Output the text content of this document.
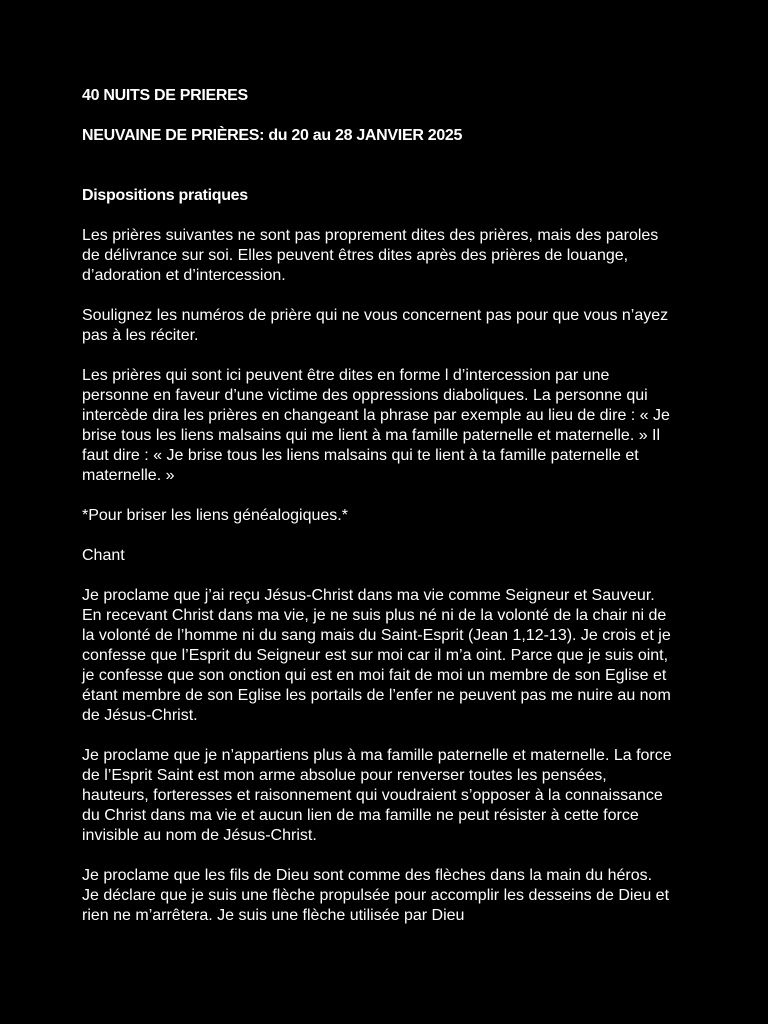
40 NUITS DE PRIERES

NEUVAINE DE PRIÈRES: du 20 au 28 JANVIER 2025

Dispositions pratiques

Les prières suivantes ne sont pas proprement dites des prières, mais des paroles de délivrance sur soi. Elles peuvent êtres dites après des prières de louange, d’adoration et d’intercession.

Soulignez les numéros de prière qui ne vous concernent pas pour que vous n’ayez pas à les réciter.

Les prières qui sont ici peuvent être dites en forme l d’intercession par une personne en faveur d’une victime des oppressions diaboliques. La personne qui intercède dira les prières en changeant la phrase par exemple au lieu de dire : « Je brise tous les liens malsains qui me lient à ma famille paternelle et maternelle. » Il faut dire : « Je brise tous les liens malsains qui te lient à ta famille paternelle et maternelle. »

*Pour briser les liens généalogiques.*

Chant

Je proclame que j’ai reçu Jésus-Christ dans ma vie comme Seigneur et Sauveur. En recevant Christ dans ma vie, je ne suis plus né ni de la volonté de la chair ni de la volonté de l’homme ni du sang mais du Saint-Esprit (Jean 1,12-13). Je crois et je confesse que l’Esprit du Seigneur est sur moi car il m’a oint. Parce que je suis oint, je confesse que son onction qui est en moi fait de moi un membre de son Eglise et étant membre de son Eglise les portails de l’enfer ne peuvent pas me nuire au nom de Jésus-Christ.

Je proclame que je n’appartiens plus à ma famille paternelle et maternelle. La force de l’Esprit Saint est mon arme absolue pour renverser toutes les pensées, hauteurs, forteresses et raisonnement qui voudraient s’opposer à la connaissance du Christ dans ma vie et aucun lien de ma famille ne peut résister à cette force invisible au nom de Jésus-Christ.

Je proclame que les fils de Dieu sont comme des flèches dans la main du héros. Je déclare que je suis une flèche propulsée pour accomplir les desseins de Dieu et rien ne m’arrêtera. Je suis une flèche utilisée par Dieu
